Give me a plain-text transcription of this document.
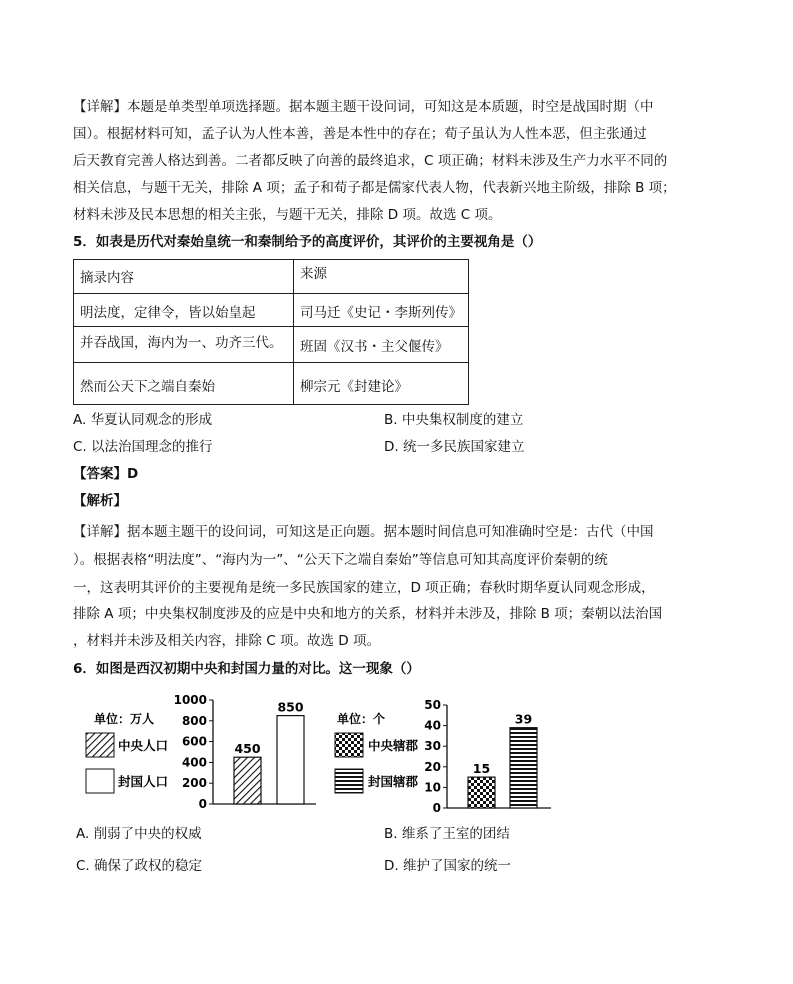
【详解】本题是单类型单项选择题。据本题主题干设问词，可知这是本质题，时空是战国时期（中
国）。根据材料可知，孟子认为人性本善，善是本性中的存在；荀子虽认为人性本恶，但主张通过
后天教育完善人格达到善。二者都反映了向善的最终追求，C 项正确；材料未涉及生产力水平不同的
相关信息，与题干无关，排除 A 项；孟子和荀子都是儒家代表人物，代表新兴地主阶级，排除 B 项；
材料未涉及民本思想的相关主张，与题干无关，排除 D 项。故选 C 项。
5．如表是历代对秦始皇统一和秦制给予的高度评价，其评价的主要视角是（）
摘录内容	来源
明法度，定律令，皆以始皇起	司马迁《史记・李斯列传》
并吞战国，海内为一、功齐三代。	班固《汉书・主父偃传》
然而公天下之端自秦始	柳宗元《封建论》
A. 华夏认同观念的形成	B. 中央集权制度的建立
C. 以法治国理念的推行	D. 统一多民族国家建立
【答案】D
【解析】
【详解】据本题主题干的设问词，可知这是正向题。据本题时间信息可知准确时空是：古代（中国
）。根据表格“明法度”、“海内为一”、“公天下之端自秦始”等信息可知其高度评价秦朝的统
一，这表明其评价的主要视角是统一多民族国家的建立，D 项正确；春秋时期华夏认同观念形成，
排除 A 项；中央集权制度涉及的应是中央和地方的关系，材料并未涉及，排除 B 项；秦朝以法治国
，材料并未涉及相关内容，排除 C 项。故选 D 项。
6．如图是西汉初期中央和封国力量的对比。这一现象（）
单位：万人
中央人口
封国人口
单位：个
中央辖郡
封国辖郡
0
200
400
600
800
1000
450
850
0
10
20
30
40
50
15
39
A. 削弱了中央的权威	B. 维系了王室的团结
C. 确保了政权的稳定	D. 维护了国家的统一
